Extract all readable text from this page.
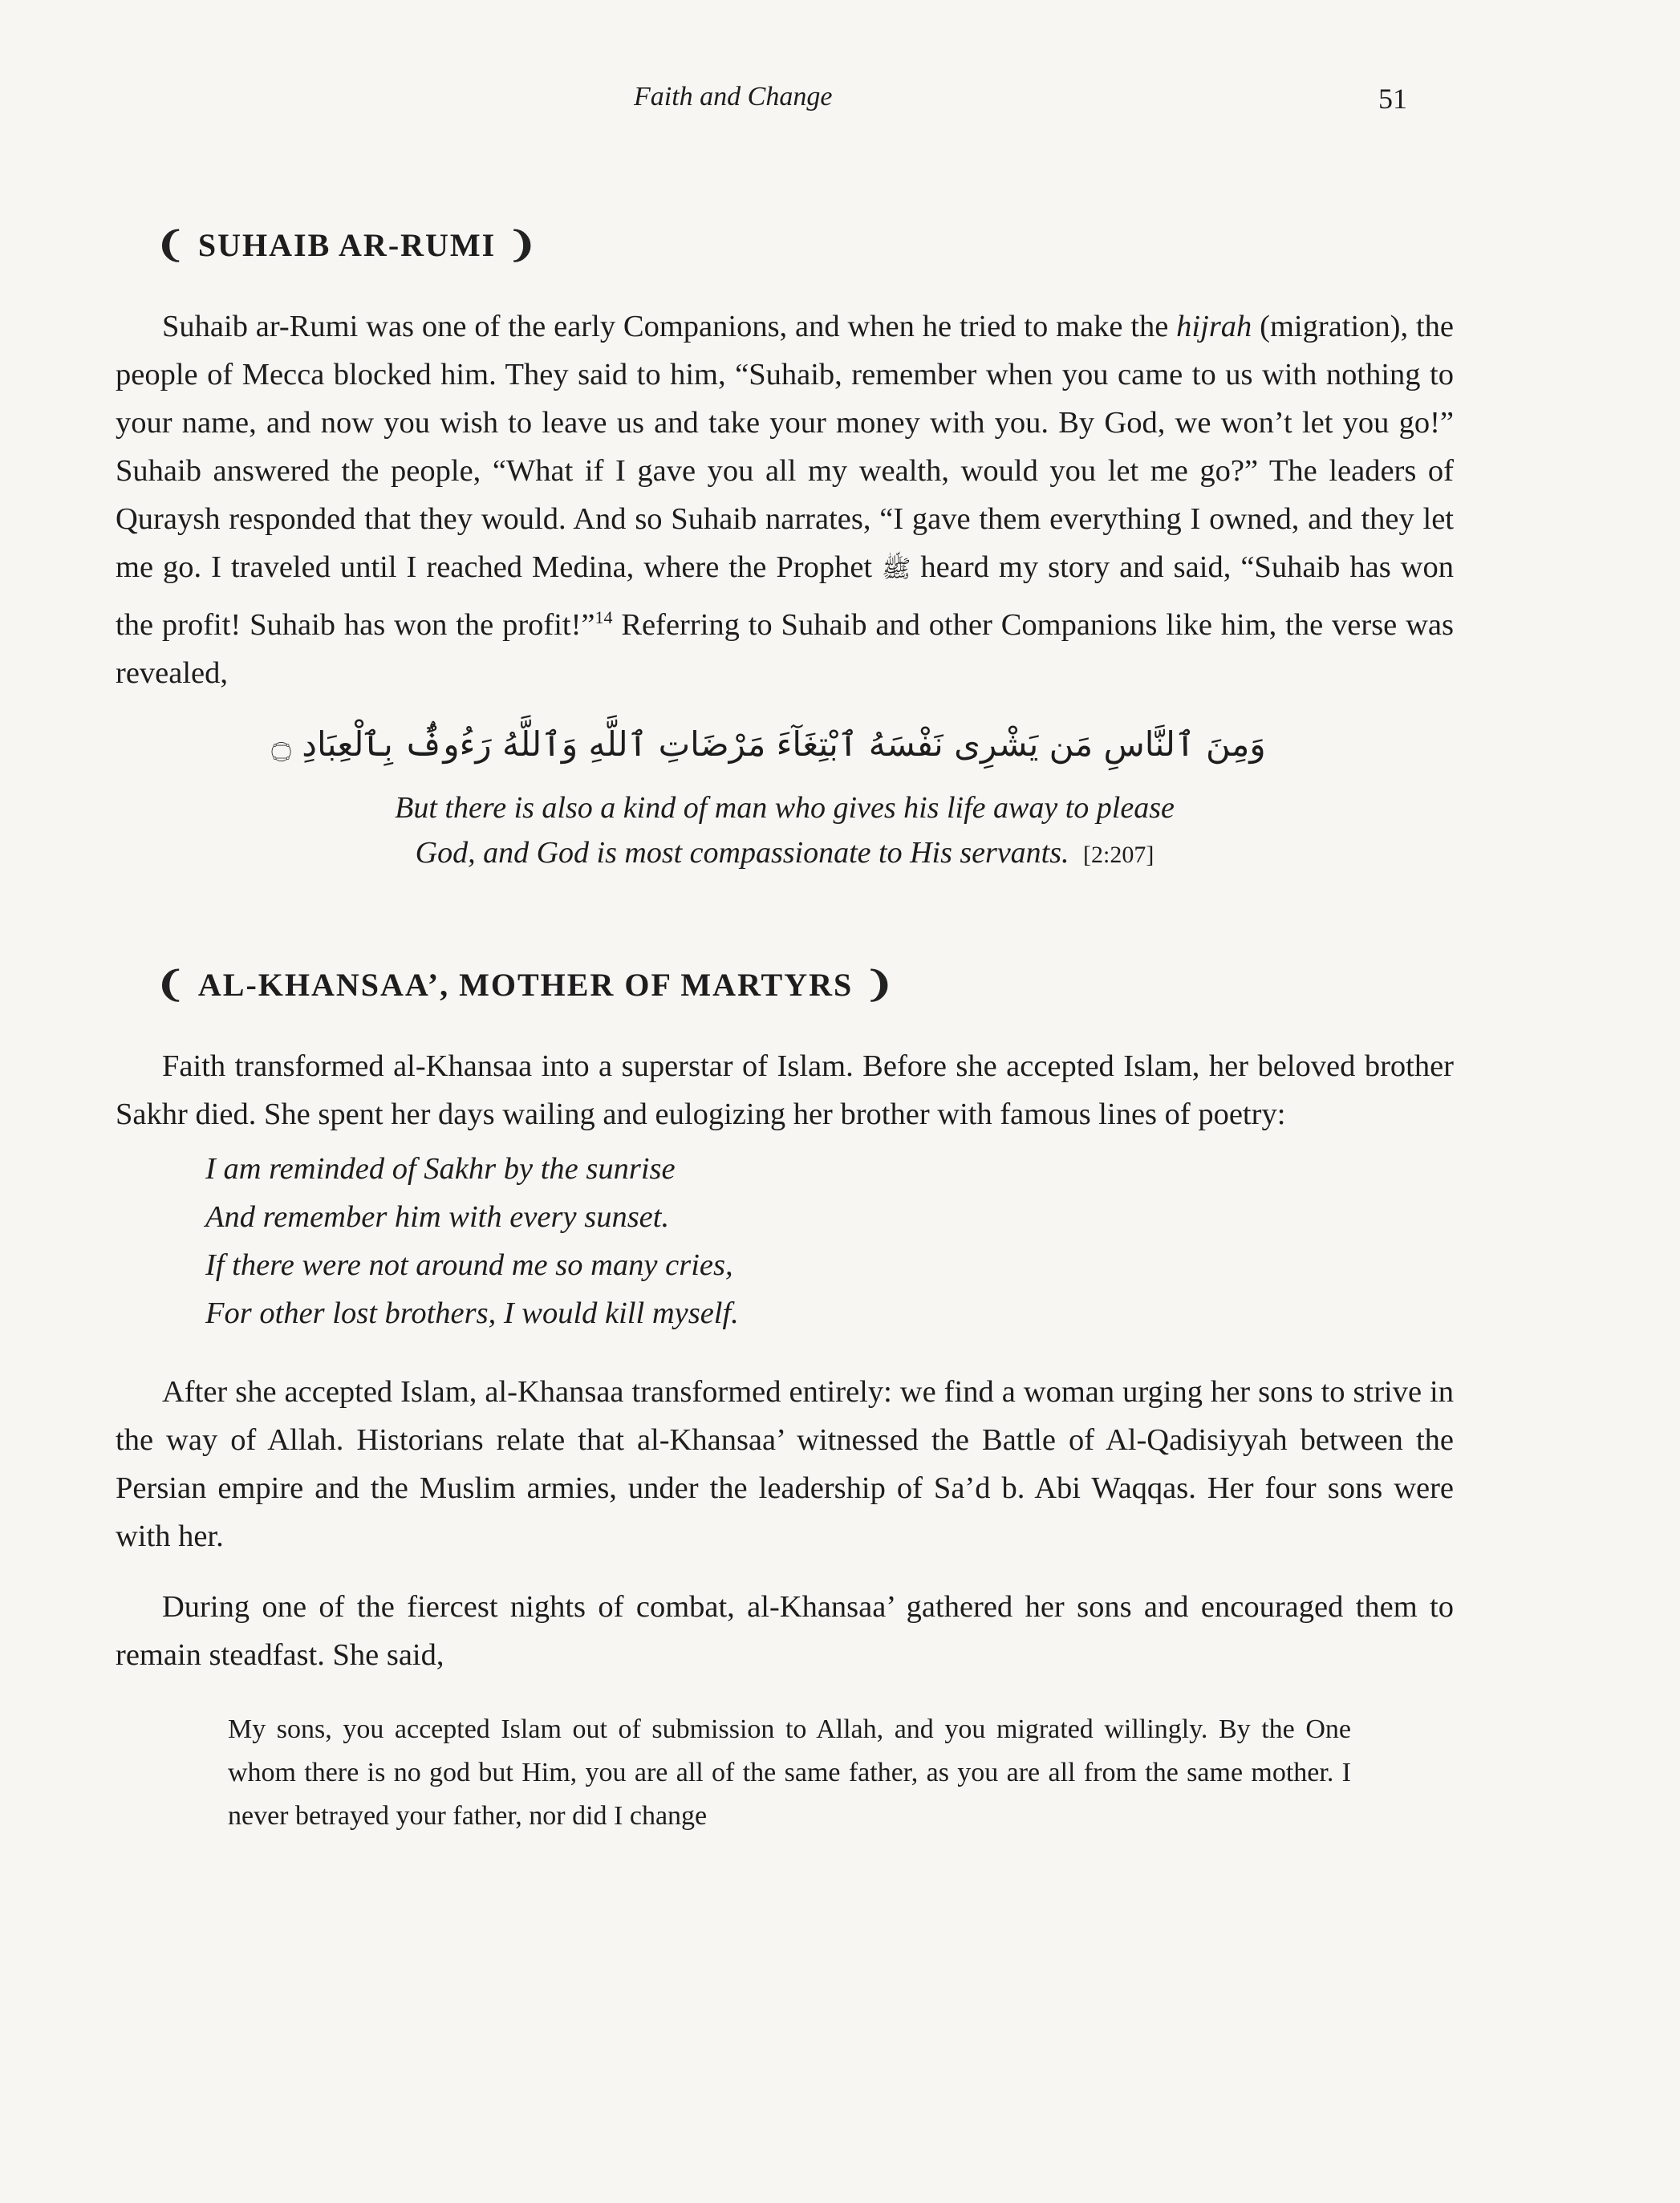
Faith and Change	51
❨ SUHAIB AR-RUMI ❩

Suhaib ar-Rumi was one of the early Companions, and when he tried to make the hijrah (migration), the people of Mecca blocked him. They said to him, “Suhaib, remember when you came to us with nothing to your name, and now you wish to leave us and take your money with you. By God, we won’t let you go!” Suhaib answered the people, “What if I gave you all my wealth, would you let me go?” The leaders of Quraysh responded that they would. And so Suhaib narrates, “I gave them everything I owned, and they let me go. I traveled until I reached Medina, where the Prophet ﷺ heard my story and said, “Suhaib has won the profit! Suhaib has won the profit!”$^{14}$ Referring to Suhaib and other Companions like him, the verse was revealed,

وَمِنَ ٱلنَّاسِ مَن يَشْرِى نَفْسَهُ ٱبْتِغَآءَ مَرْضَاتِ ٱللَّهِ وَٱللَّهُ رَءُوفٌۢ بِٱلْعِبَادِ ۝

But there is also a kind of man who gives his life away to please
God, and God is most compassionate to His servants. [2:207]

❨ AL-KHANSAA’, MOTHER OF MARTYRS ❩

Faith transformed al-Khansaa into a superstar of Islam. Before she accepted Islam, her beloved brother Sakhr died. She spent her days wailing and eulogizing her brother with famous lines of poetry:

I am reminded of Sakhr by the sunrise
And remember him with every sunset.
If there were not around me so many cries,
For other lost brothers, I would kill myself.

After she accepted Islam, al-Khansaa transformed entirely: we find a woman urging her sons to strive in the way of Allah. Historians relate that al-Khansaa’ witnessed the Battle of Al-Qadisiyyah between the Persian empire and the Muslim armies, under the leadership of Sa’d b. Abi Waqqas. Her four sons were with her.

During one of the fiercest nights of combat, al-Khansaa’ gathered her sons and encouraged them to remain steadfast. She said,

My sons, you accepted Islam out of submission to Allah, and you migrated willingly. By the One whom there is no god but Him, you are all of the same father, as you are all from the same mother. I never betrayed your father, nor did I change
